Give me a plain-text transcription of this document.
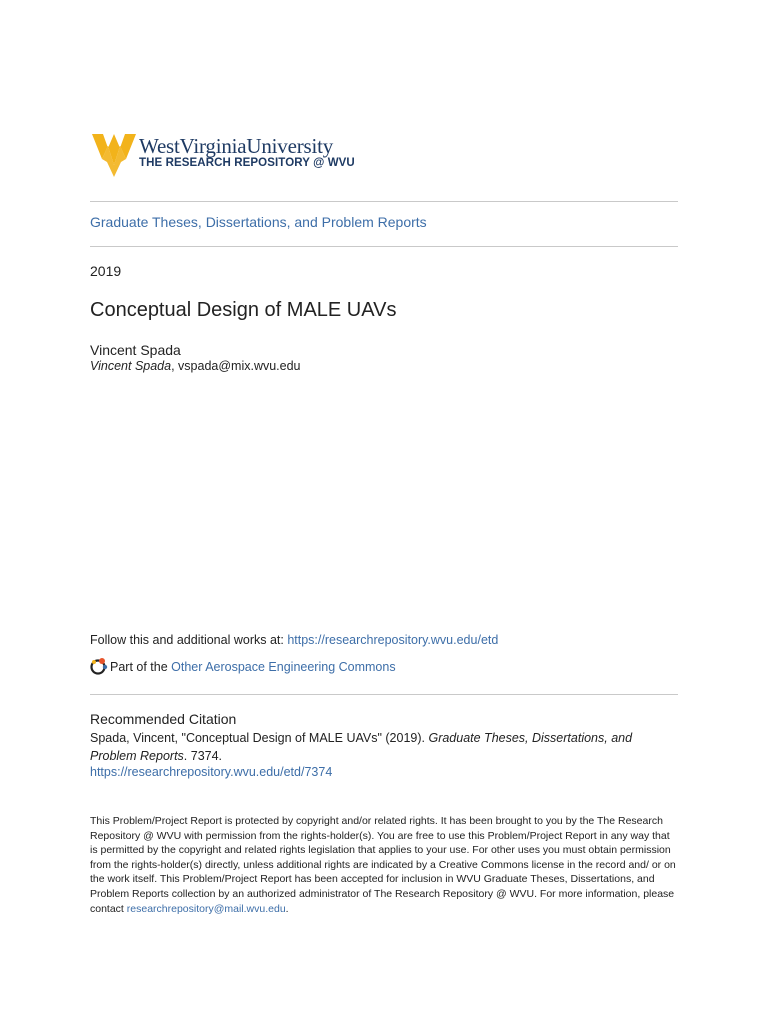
WestVirginiaUniversity
THE RESEARCH REPOSITORY @ WVU
Graduate Theses, Dissertations, and Problem Reports
2019
Conceptual Design of MALE UAVs
Vincent Spada
Vincent Spada, vspada@mix.wvu.edu
Follow this and additional works at: https://researchrepository.wvu.edu/etd
Part of the Other Aerospace Engineering Commons
Recommended Citation
Spada, Vincent, "Conceptual Design of MALE UAVs" (2019). Graduate Theses, Dissertations, and Problem Reports. 7374.
https://researchrepository.wvu.edu/etd/7374
This Problem/Project Report is protected by copyright and/or related rights. It has been brought to you by the The Research Repository @ WVU with permission from the rights-holder(s). You are free to use this Problem/Project Report in any way that is permitted by the copyright and related rights legislation that applies to your use. For other uses you must obtain permission from the rights-holder(s) directly, unless additional rights are indicated by a Creative Commons license in the record and/ or on the work itself. This Problem/Project Report has been accepted for inclusion in WVU Graduate Theses, Dissertations, and Problem Reports collection by an authorized administrator of The Research Repository @ WVU. For more information, please contact researchrepository@mail.wvu.edu.
